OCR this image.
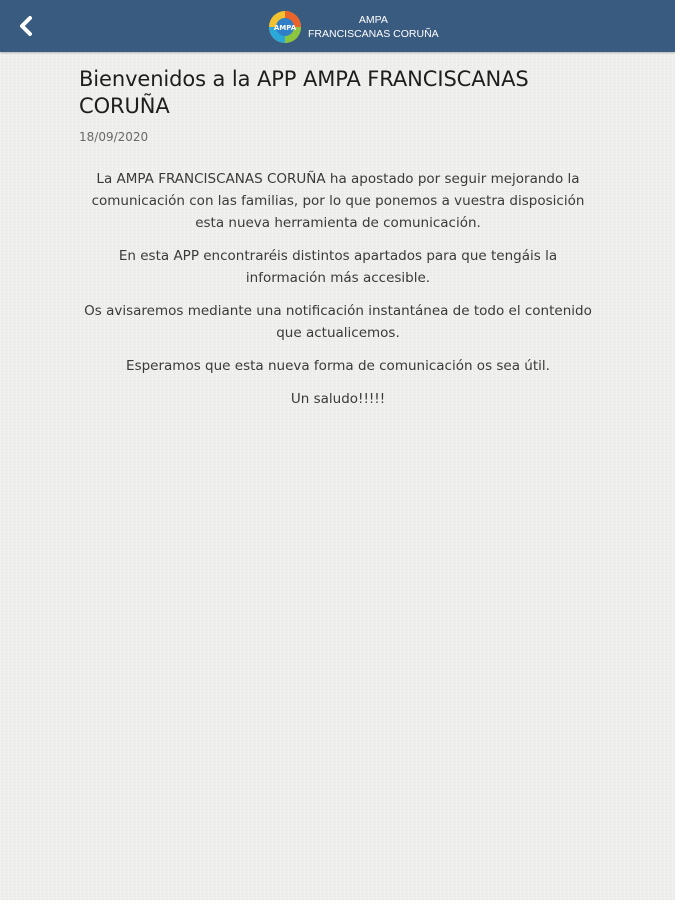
AMPA
AMPA
FRANCISCANAS CORUÑA
Bienvenidos a la APP AMPA FRANCISCANAS CORUÑA
18/09/2020

La AMPA FRANCISCANAS CORUÑA ha apostado por seguir mejorando la comunicación con las familias, por lo que ponemos a vuestra disposición esta nueva herramienta de comunicación.

En esta APP encontraréis distintos apartados para que tengáis la información más accesible.

Os avisaremos mediante una notificación instantánea de todo el contenido que actualicemos.

Esperamos que esta nueva forma de comunicación os sea útil.

Un saludo!!!!!
